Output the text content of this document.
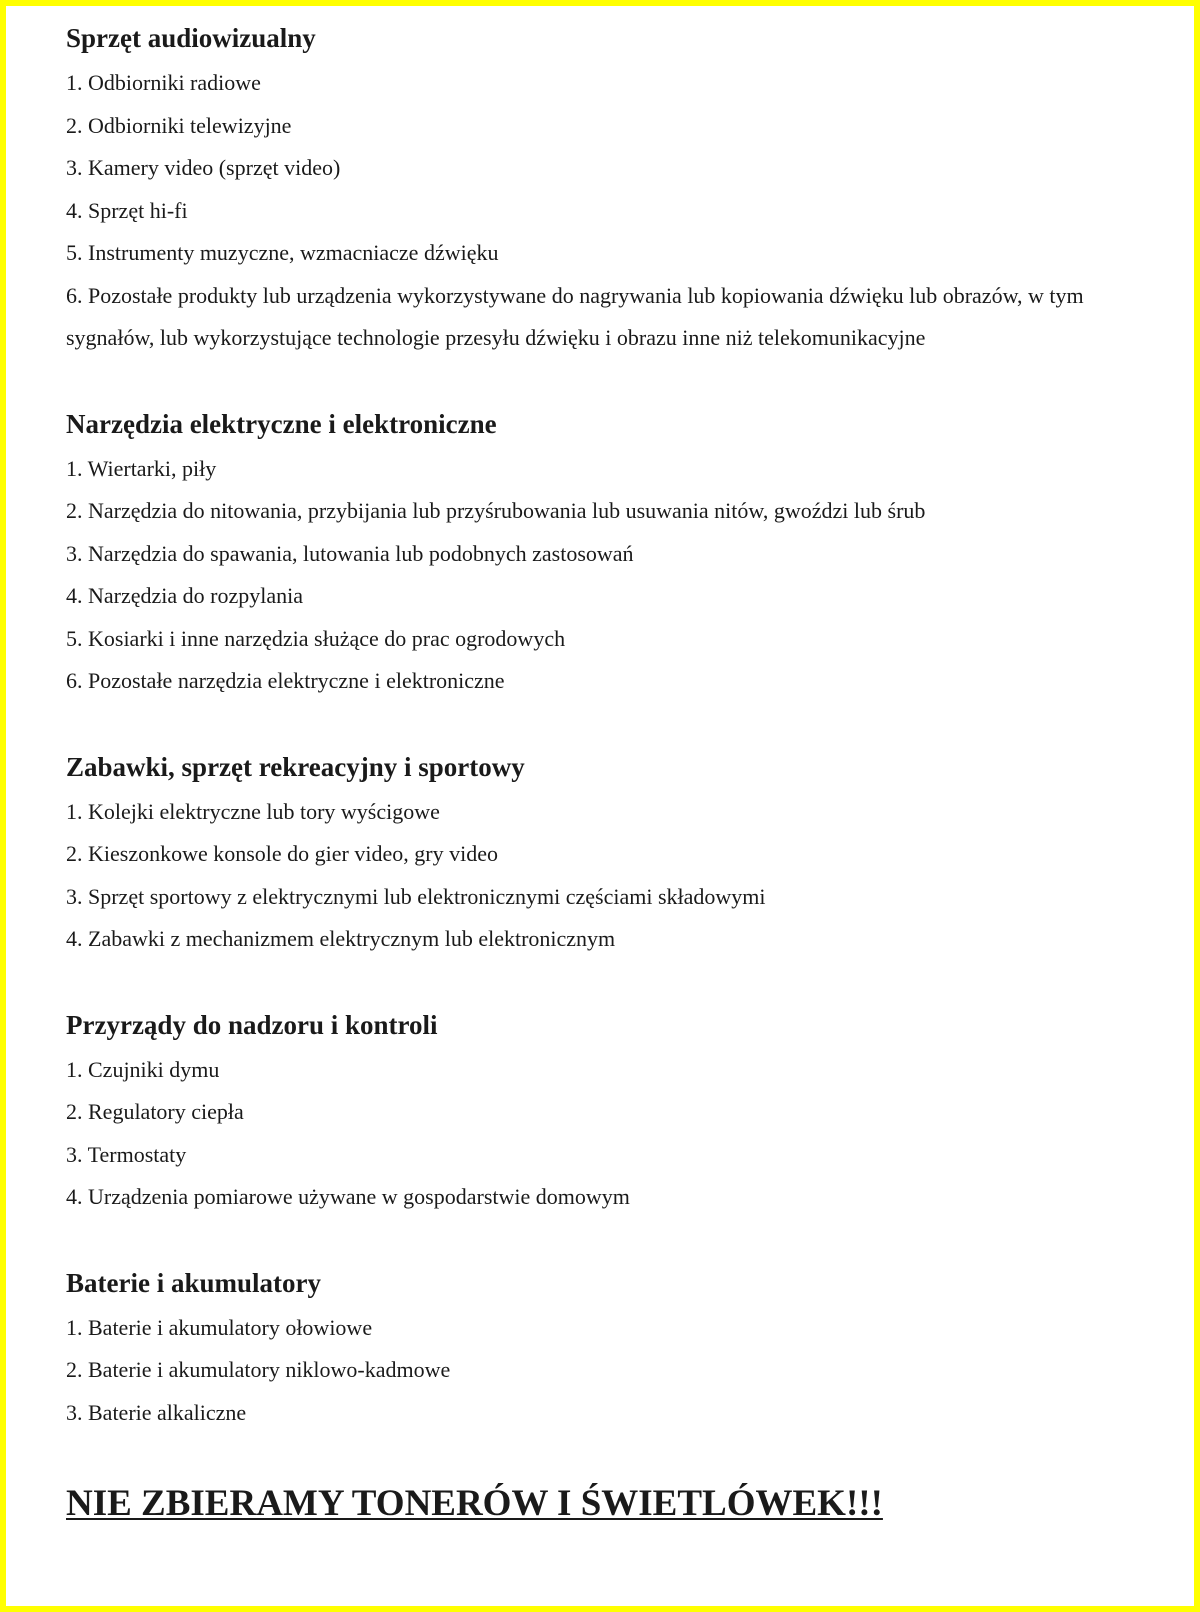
Sprzęt audiowizualny
1. Odbiorniki radiowe
2. Odbiorniki telewizyjne
3. Kamery video (sprzęt video)
4. Sprzęt hi-fi
5. Instrumenty muzyczne, wzmacniacze dźwięku
6. Pozostałe produkty lub urządzenia wykorzystywane do nagrywania lub kopiowania dźwięku lub obrazów, w tym sygnałów, lub wykorzystujące technologie przesyłu dźwięku i obrazu inne niż telekomunikacyjne
Narzędzia elektryczne i elektroniczne
1. Wiertarki, piły
2. Narzędzia do nitowania, przybijania lub przyśrubowania lub usuwania nitów, gwoździ lub śrub
3. Narzędzia do spawania, lutowania lub podobnych zastosowań
4. Narzędzia do rozpylania
5. Kosiarki i inne narzędzia służące do prac ogrodowych
6. Pozostałe narzędzia elektryczne i elektroniczne
Zabawki, sprzęt rekreacyjny i sportowy
1. Kolejki elektryczne lub tory wyścigowe
2. Kieszonkowe konsole do gier video, gry video
3. Sprzęt sportowy z elektrycznymi lub elektronicznymi częściami składowymi
4. Zabawki z mechanizmem elektrycznym lub elektronicznym
Przyrządy do nadzoru i kontroli
1. Czujniki dymu
2. Regulatory ciepła
3. Termostaty
4. Urządzenia pomiarowe używane w gospodarstwie domowym
Baterie i akumulatory
1. Baterie i akumulatory ołowiowe
2. Baterie i akumulatory niklowo-kadmowe
3. Baterie alkaliczne
NIE ZBIERAMY TONERÓW I ŚWIETLÓWEK!!!
